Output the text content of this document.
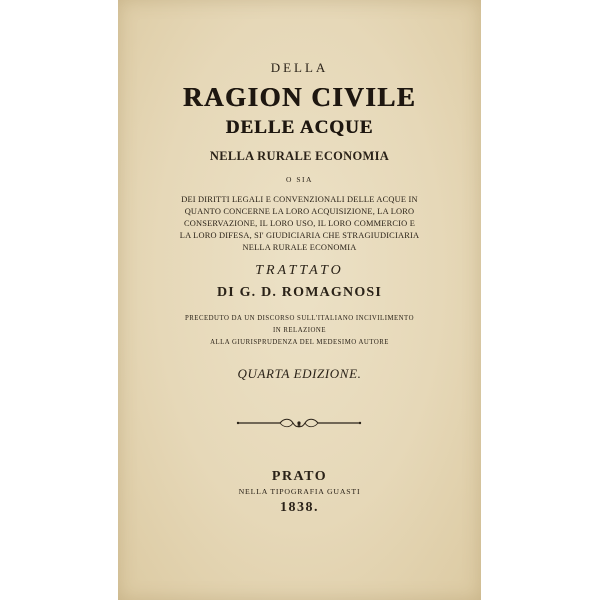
DELLA
RAGION CIVILE
DELLE ACQUE
NELLA RURALE ECONOMIA
O SIA
DEI DIRITTI LEGALI E CONVENZIONALI DELLE ACQUE IN
QUANTO CONCERNE LA LORO ACQUISIZIONE, LA LORO
CONSERVAZIONE, IL LORO USO, IL LORO COMMERCIO E
LA LORO DIFESA, SI' GIUDICIARIA CHE STRAGIUDICIARIA
NELLA RURALE ECONOMIA
TRATTATO
DI G. D. ROMAGNOSI
PRECEDUTO DA UN DISCORSO SULL'ITALIANO INCIVILIMENTO
IN RELAZIONE
ALLA GIURISPRUDENZA DEL MEDESIMO AUTORE
QUARTA EDIZIONE.
PRATO
NELLA TIPOGRAFIA GUASTI
1838.
